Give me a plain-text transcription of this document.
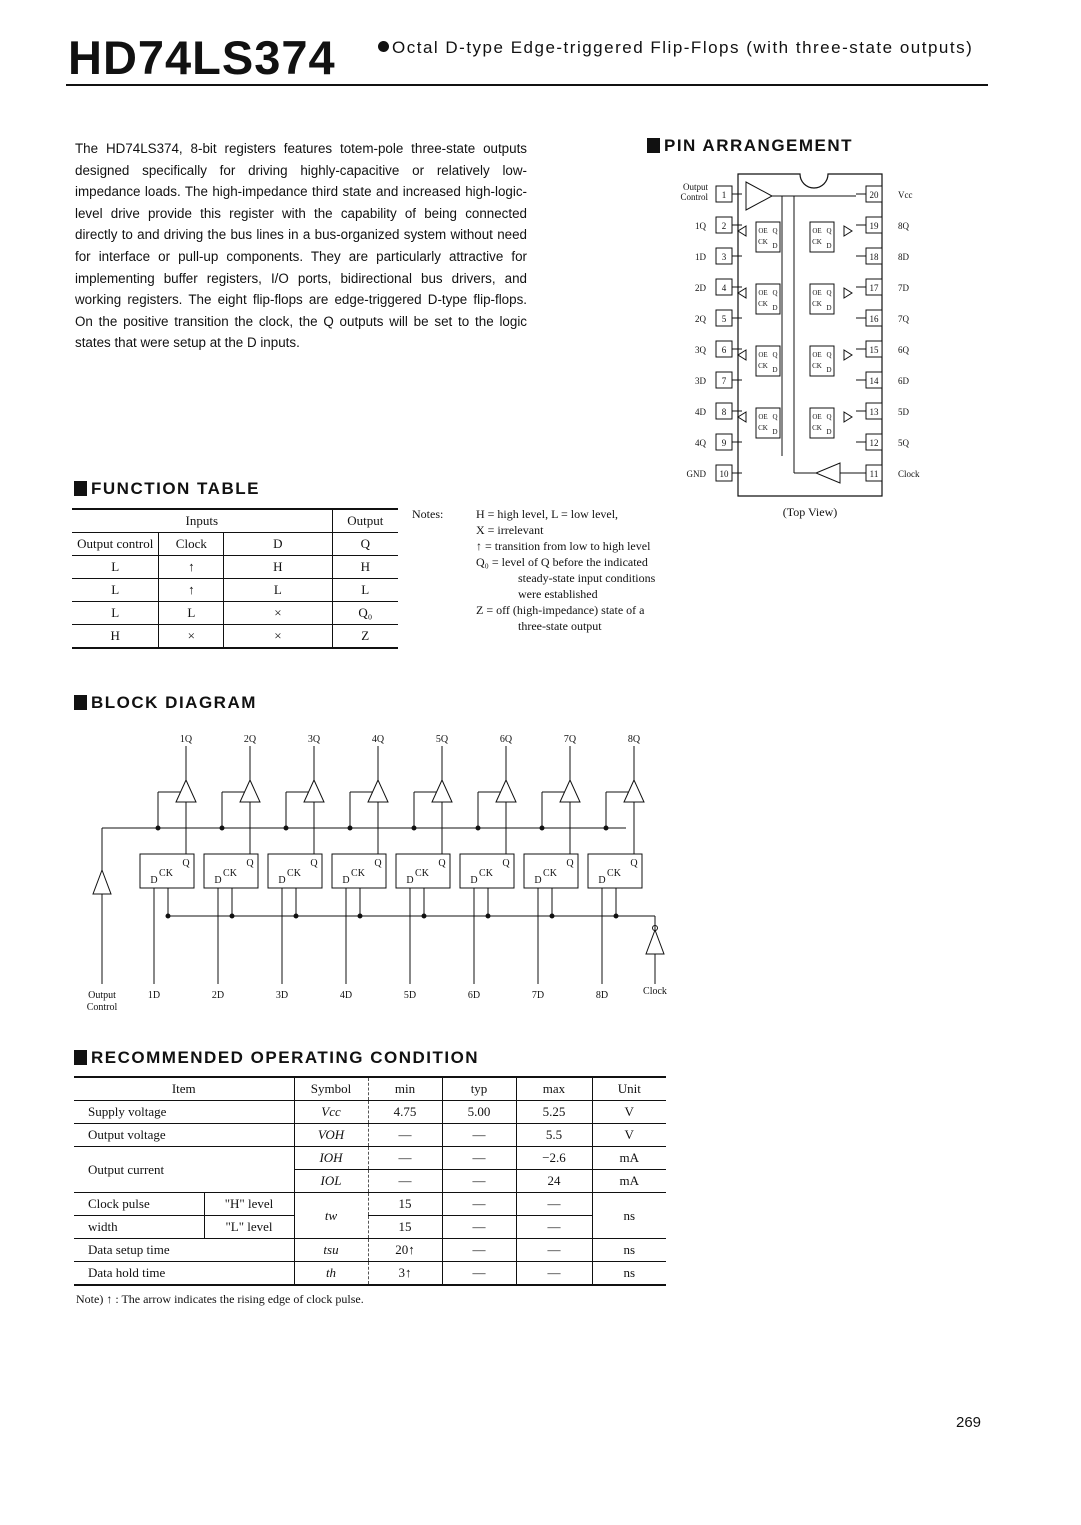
HD74LS374	Octal D-type Edge-triggered Flip-Flops (with three-state outputs)
The HD74LS374, 8-bit registers features totem-pole three-state outputs designed specifically for driving highly-capacitive or relatively low-impedance loads. The high-impedance third state and increased high-logic-level drive provide this register with the capability of being connected directly to and driving the bus lines in a bus-organized system without need for interface or pull-up components. They are particularly attractive for implementing buffer registers, I/O ports, bidirectional bus drivers, and working registers. The eight flip-flops are edge-triggered D-type flip-flops. On the positive transition the clock, the Q outputs will be set to the logic states that were setup at the D inputs.
FUNCTION TABLE
Inputs			Output
Output control	Clock	D	Q
L	↑	H	H
L	↑	L	L
L	L	×	Q₀
H	×	×	Z
Notes:	H = high level, L = low level,
X = irrelevant
↑ = transition from low to high level
Q₀ = level of Q before the indicated steady-state input conditions were established
Z = off (high-impedance) state of a three-state output
PIN ARRANGEMENT
1
Output
Control
2
1Q
3
1D
4
2D
5
2Q
6
3Q
7
3D
8
4D
9
4Q
10
GND
20 Vcc
19 8Q
18 8D
17 7D
16 7Q
15 6Q
14 6D
13 5D
12 5Q
11 Clock
OE
CK
Q
D
OE
CK
Q
D
OE
CK
Q
D
OE
CK
Q
D
OE
CK
Q
D
OE
CK
Q
D
OE
CK
Q
D
OE
CK
Q
D
(Top View)
BLOCK DIAGRAM
Output
Control
Clock
D
CK
Q
1D
1Q
D
CK
Q
2D
2Q
D
CK
Q
3D
3Q
D
CK
Q
4D
4Q
D
CK
Q
5D
5Q
D
CK
Q
6D
6Q
D
CK
Q
7D
7Q
D
CK
Q
8D
8Q
RECOMMENDED OPERATING CONDITION
Item		Symbol	min	typ	max	Unit
Supply voltage		Vcc	4.75	5.00	5.25	V
Output voltage		VOH	—	—	5.5	V
Output current		IOH	—	—	−2.6	mA
		IOL	—	—	24	mA
Clock pulse	"H" level	tw	15	—	—	ns
width	"L" level		15	—	—	
Data setup time		tsu	20↑	—	—	ns
Data hold time		th	3↑	—	—	ns
Note) ↑ : The arrow indicates the rising edge of clock pulse.
269
